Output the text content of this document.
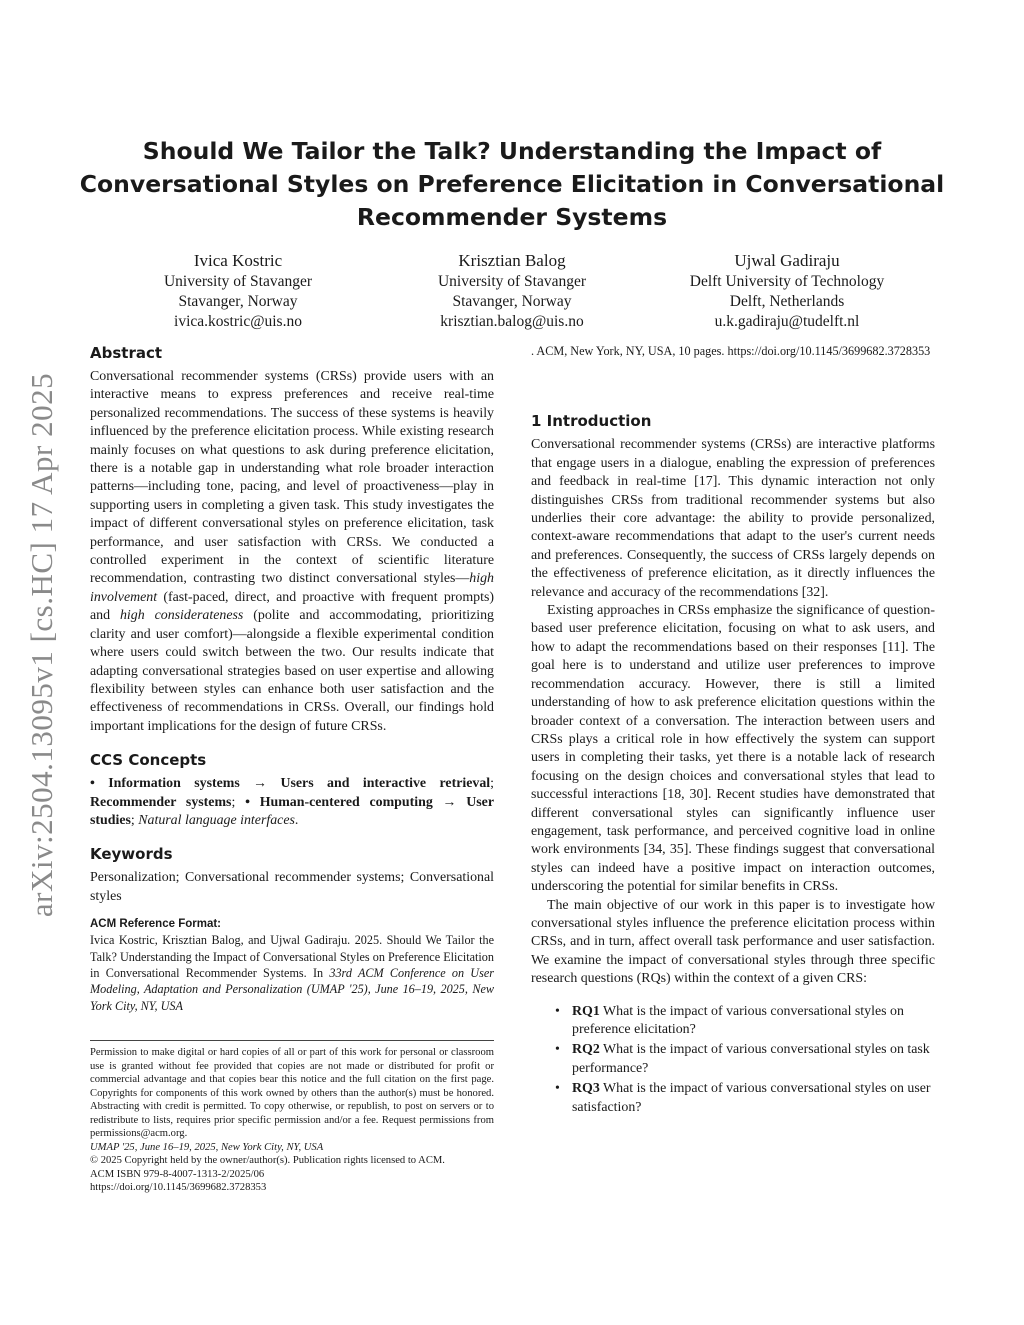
arXiv:2504.13095v1 [cs.HC] 17 Apr 2025
Should We Tailor the Talk? Understanding the Impact of Conversational Styles on Preference Elicitation in Conversational Recommender Systems
Ivica Kostric
University of Stavanger
Stavanger, Norway
ivica.kostric@uis.no
Krisztian Balog
University of Stavanger
Stavanger, Norway
krisztian.balog@uis.no
Ujwal Gadiraju
Delft University of Technology
Delft, Netherlands
u.k.gadiraju@tudelft.nl
Abstract

Conversational recommender systems (CRSs) provide users with an interactive means to express preferences and receive real-time personalized recommendations. The success of these systems is heavily influenced by the preference elicitation process. While existing research mainly focuses on what questions to ask during preference elicitation, there is a notable gap in understanding what role broader interaction patterns—including tone, pacing, and level of proactiveness—play in supporting users in completing a given task. This study investigates the impact of different conversational styles on preference elicitation, task performance, and user satisfaction with CRSs. We conducted a controlled experiment in the context of scientific literature recommendation, contrasting two distinct conversational styles—high involvement (fast-paced, direct, and proactive with frequent prompts) and high considerateness (polite and accommodating, prioritizing clarity and user comfort)—alongside a flexible experimental condition where users could switch between the two. Our results indicate that adapting conversational strategies based on user expertise and allowing flexibility between styles can enhance both user satisfaction and the effectiveness of recommendations in CRSs. Overall, our findings hold important implications for the design of future CRSs.

CCS Concepts

• Information systems → Users and interactive retrieval; Recommender systems; • Human-centered computing → User studies; Natural language interfaces.

Keywords

Personalization; Conversational recommender systems; Conversational styles

ACM Reference Format:

Ivica Kostric, Krisztian Balog, and Ujwal Gadiraju. 2025. Should We Tailor the Talk? Understanding the Impact of Conversational Styles on Preference Elicitation in Conversational Recommender Systems. In 33rd ACM Conference on User Modeling, Adaptation and Personalization (UMAP '25), June 16–19, 2025, New York City, NY, USA

Permission to make digital or hard copies of all or part of this work for personal or classroom use is granted without fee provided that copies are not made or distributed for profit or commercial advantage and that copies bear this notice and the full citation on the first page. Copyrights for components of this work owned by others than the author(s) must be honored. Abstracting with credit is permitted. To copy otherwise, or republish, to post on servers or to redistribute to lists, requires prior specific permission and/or a fee. Request permissions from permissions@acm.org.

UMAP '25, June 16–19, 2025, New York City, NY, USA

© 2025 Copyright held by the owner/author(s). Publication rights licensed to ACM.

ACM ISBN 979-8-4007-1313-2/2025/06

https://doi.org/10.1145/3699682.3728353

. ACM, New York, NY, USA, 10 pages. https://doi.org/10.1145/3699682.3728353

1 Introduction

Conversational recommender systems (CRSs) are interactive platforms that engage users in a dialogue, enabling the expression of preferences and feedback in real-time [17]. This dynamic interaction not only distinguishes CRSs from traditional recommender systems but also underlies their core advantage: the ability to provide personalized, context-aware recommendations that adapt to the user's current needs and preferences. Consequently, the success of CRSs largely depends on the effectiveness of preference elicitation, as it directly influences the relevance and accuracy of the recommendations [32].

Existing approaches in CRSs emphasize the significance of question-based user preference elicitation, focusing on what to ask users, and how to adapt the recommendations based on their responses [11]. The goal here is to understand and utilize user preferences to improve recommendation accuracy. However, there is still a limited understanding of how to ask preference elicitation questions within the broader context of a conversation. The interaction between users and CRSs plays a critical role in how effectively the system can support users in completing their tasks, yet there is a notable lack of research focusing on the design choices and conversational styles that lead to successful interactions [18, 30]. Recent studies have demonstrated that different conversational styles can significantly influence user engagement, task performance, and perceived cognitive load in online work environments [34, 35]. These findings suggest that conversational styles can indeed have a positive impact on interaction outcomes, underscoring the potential for similar benefits in CRSs.

The main objective of our work in this paper is to investigate how conversational styles influence the preference elicitation process within CRSs, and in turn, affect overall task performance and user satisfaction. We examine the impact of conversational styles through three specific research questions (RQs) within the context of a given CRS:

• RQ1 What is the impact of various conversational styles on preference elicitation?
• RQ2 What is the impact of various conversational styles on task performance?
• RQ3 What is the impact of various conversational styles on user satisfaction?
